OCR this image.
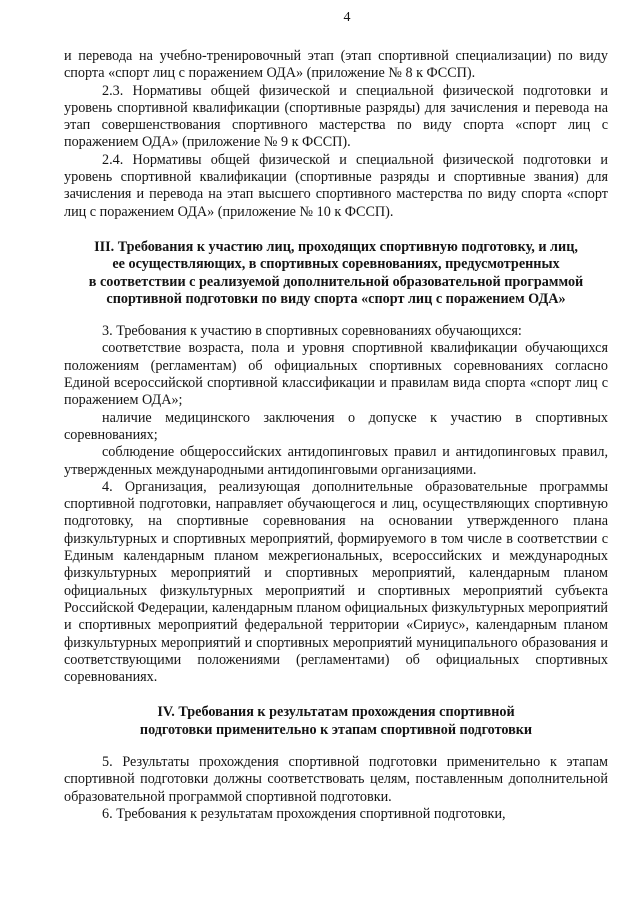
4

и перевода на учебно-тренировочный этап (этап спортивной специализации) по виду спорта «спорт лиц с поражением ОДА» (приложение № 8 к ФССП).

2.3. Нормативы общей физической и специальной физической подготовки и уровень спортивной квалификации (спортивные разряды) для зачисления и перевода на этап совершенствования спортивного мастерства по виду спорта «спорт лиц с поражением ОДА» (приложение № 9 к ФССП).

2.4. Нормативы общей физической и специальной физической подготовки и уровень спортивной квалификации (спортивные разряды и спортивные звания) для зачисления и перевода на этап высшего спортивного мастерства по виду спорта «спорт лиц с поражением ОДА» (приложение № 10 к ФССП).

III. Требования к участию лиц, проходящих спортивную подготовку, и лиц,

ее осуществляющих, в спортивных соревнованиях, предусмотренных

в соответствии с реализуемой дополнительной образовательной программой

спортивной подготовки по виду спорта «спорт лиц с поражением ОДА»

3. Требования к участию в спортивных соревнованиях обучающихся:

соответствие возраста, пола и уровня спортивной квалификации обучающихся положениям (регламентам) об официальных спортивных соревнованиях согласно Единой всероссийской спортивной классификации и правилам вида спорта «спорт лиц с поражением ОДА»;

наличие медицинского заключения о допуске к участию в спортивных соревнованиях;

соблюдение общероссийских антидопинговых правил и антидопинговых правил, утвержденных международными антидопинговыми организациями.

4. Организация, реализующая дополнительные образовательные программы спортивной подготовки, направляет обучающегося и лиц, осуществляющих спортивную подготовку, на спортивные соревнования на основании утвержденного плана физкультурных и спортивных мероприятий, формируемого в том числе в соответствии с Единым календарным планом межрегиональных, всероссийских и международных физкультурных мероприятий и спортивных мероприятий, календарным планом официальных физкультурных мероприятий и спортивных мероприятий субъекта Российской Федерации, календарным планом официальных физкультурных мероприятий и спортивных мероприятий федеральной территории «Сириус», календарным планом физкультурных мероприятий и спортивных мероприятий муниципального образования и соответствующими положениями (регламентами) об официальных спортивных соревнованиях.

IV. Требования к результатам прохождения спортивной

подготовки применительно к этапам спортивной подготовки

5. Результаты прохождения спортивной подготовки применительно к этапам спортивной подготовки должны соответствовать целям, поставленным дополнительной образовательной программой спортивной подготовки.

6. Требования к результатам прохождения спортивной подготовки,
